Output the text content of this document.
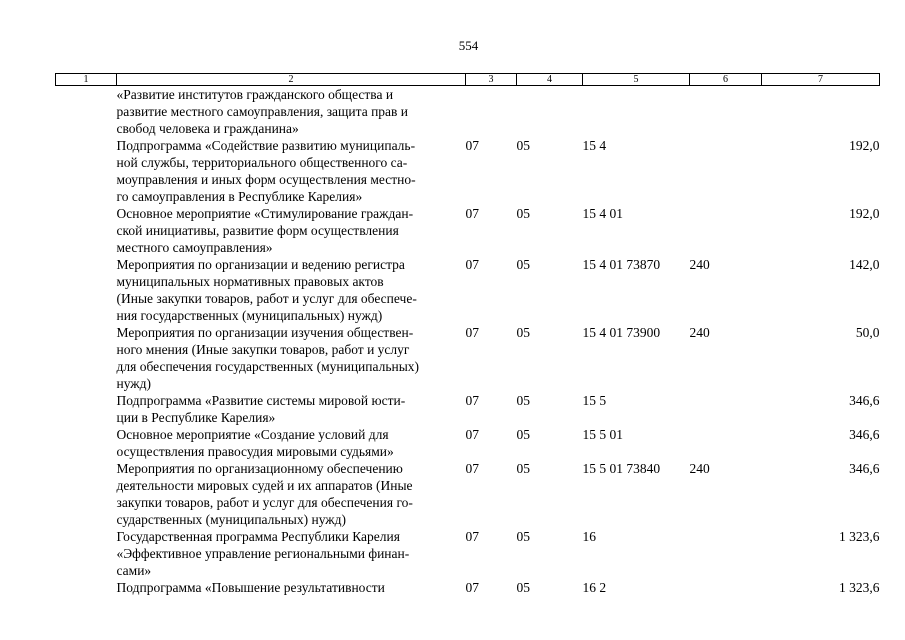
554
1	2	3	4	5	6	7
	«Развитие институтов гражданского общества и
развитие местного самоуправления, защита прав и
свобод человека и гражданина»					
	Подпрограмма «Содействие развитию муниципаль-
ной службы, территориального общественного са-
моуправления и иных форм осуществления местно-
го самоуправления в Республике Карелия»	07	05	15 4		192,0
	Основное мероприятие «Стимулирование граждан-
ской инициативы, развитие форм осуществления
местного самоуправления»	07	05	15 4 01		192,0
	Мероприятия по организации и ведению регистра
муниципальных нормативных правовых актов
(Иные закупки товаров, работ и услуг для обеспече-
ния государственных (муниципальных) нужд)	07	05	15 4 01 73870	240	142,0
	Мероприятия по организации изучения обществен-
ного мнения (Иные закупки товаров, работ и услуг
для обеспечения государственных (муниципальных)
нужд)	07	05	15 4 01 73900	240	50,0
	Подпрограмма «Развитие системы мировой юсти-
ции в Республике Карелия»	07	05	15 5		346,6
	Основное мероприятие «Создание условий для
осуществления правосудия мировыми судьями»	07	05	15 5 01		346,6
	Мероприятия по организационному обеспечению
деятельности мировых судей и их аппаратов (Иные
закупки товаров, работ и услуг для обеспечения го-
сударственных (муниципальных) нужд)	07	05	15 5 01 73840	240	346,6
	Государственная программа Республики Карелия
«Эффективное управление региональными финан-
сами»	07	05	16		1 323,6
	Подпрограмма «Повышение результативности	07	05	16 2		1 323,6
